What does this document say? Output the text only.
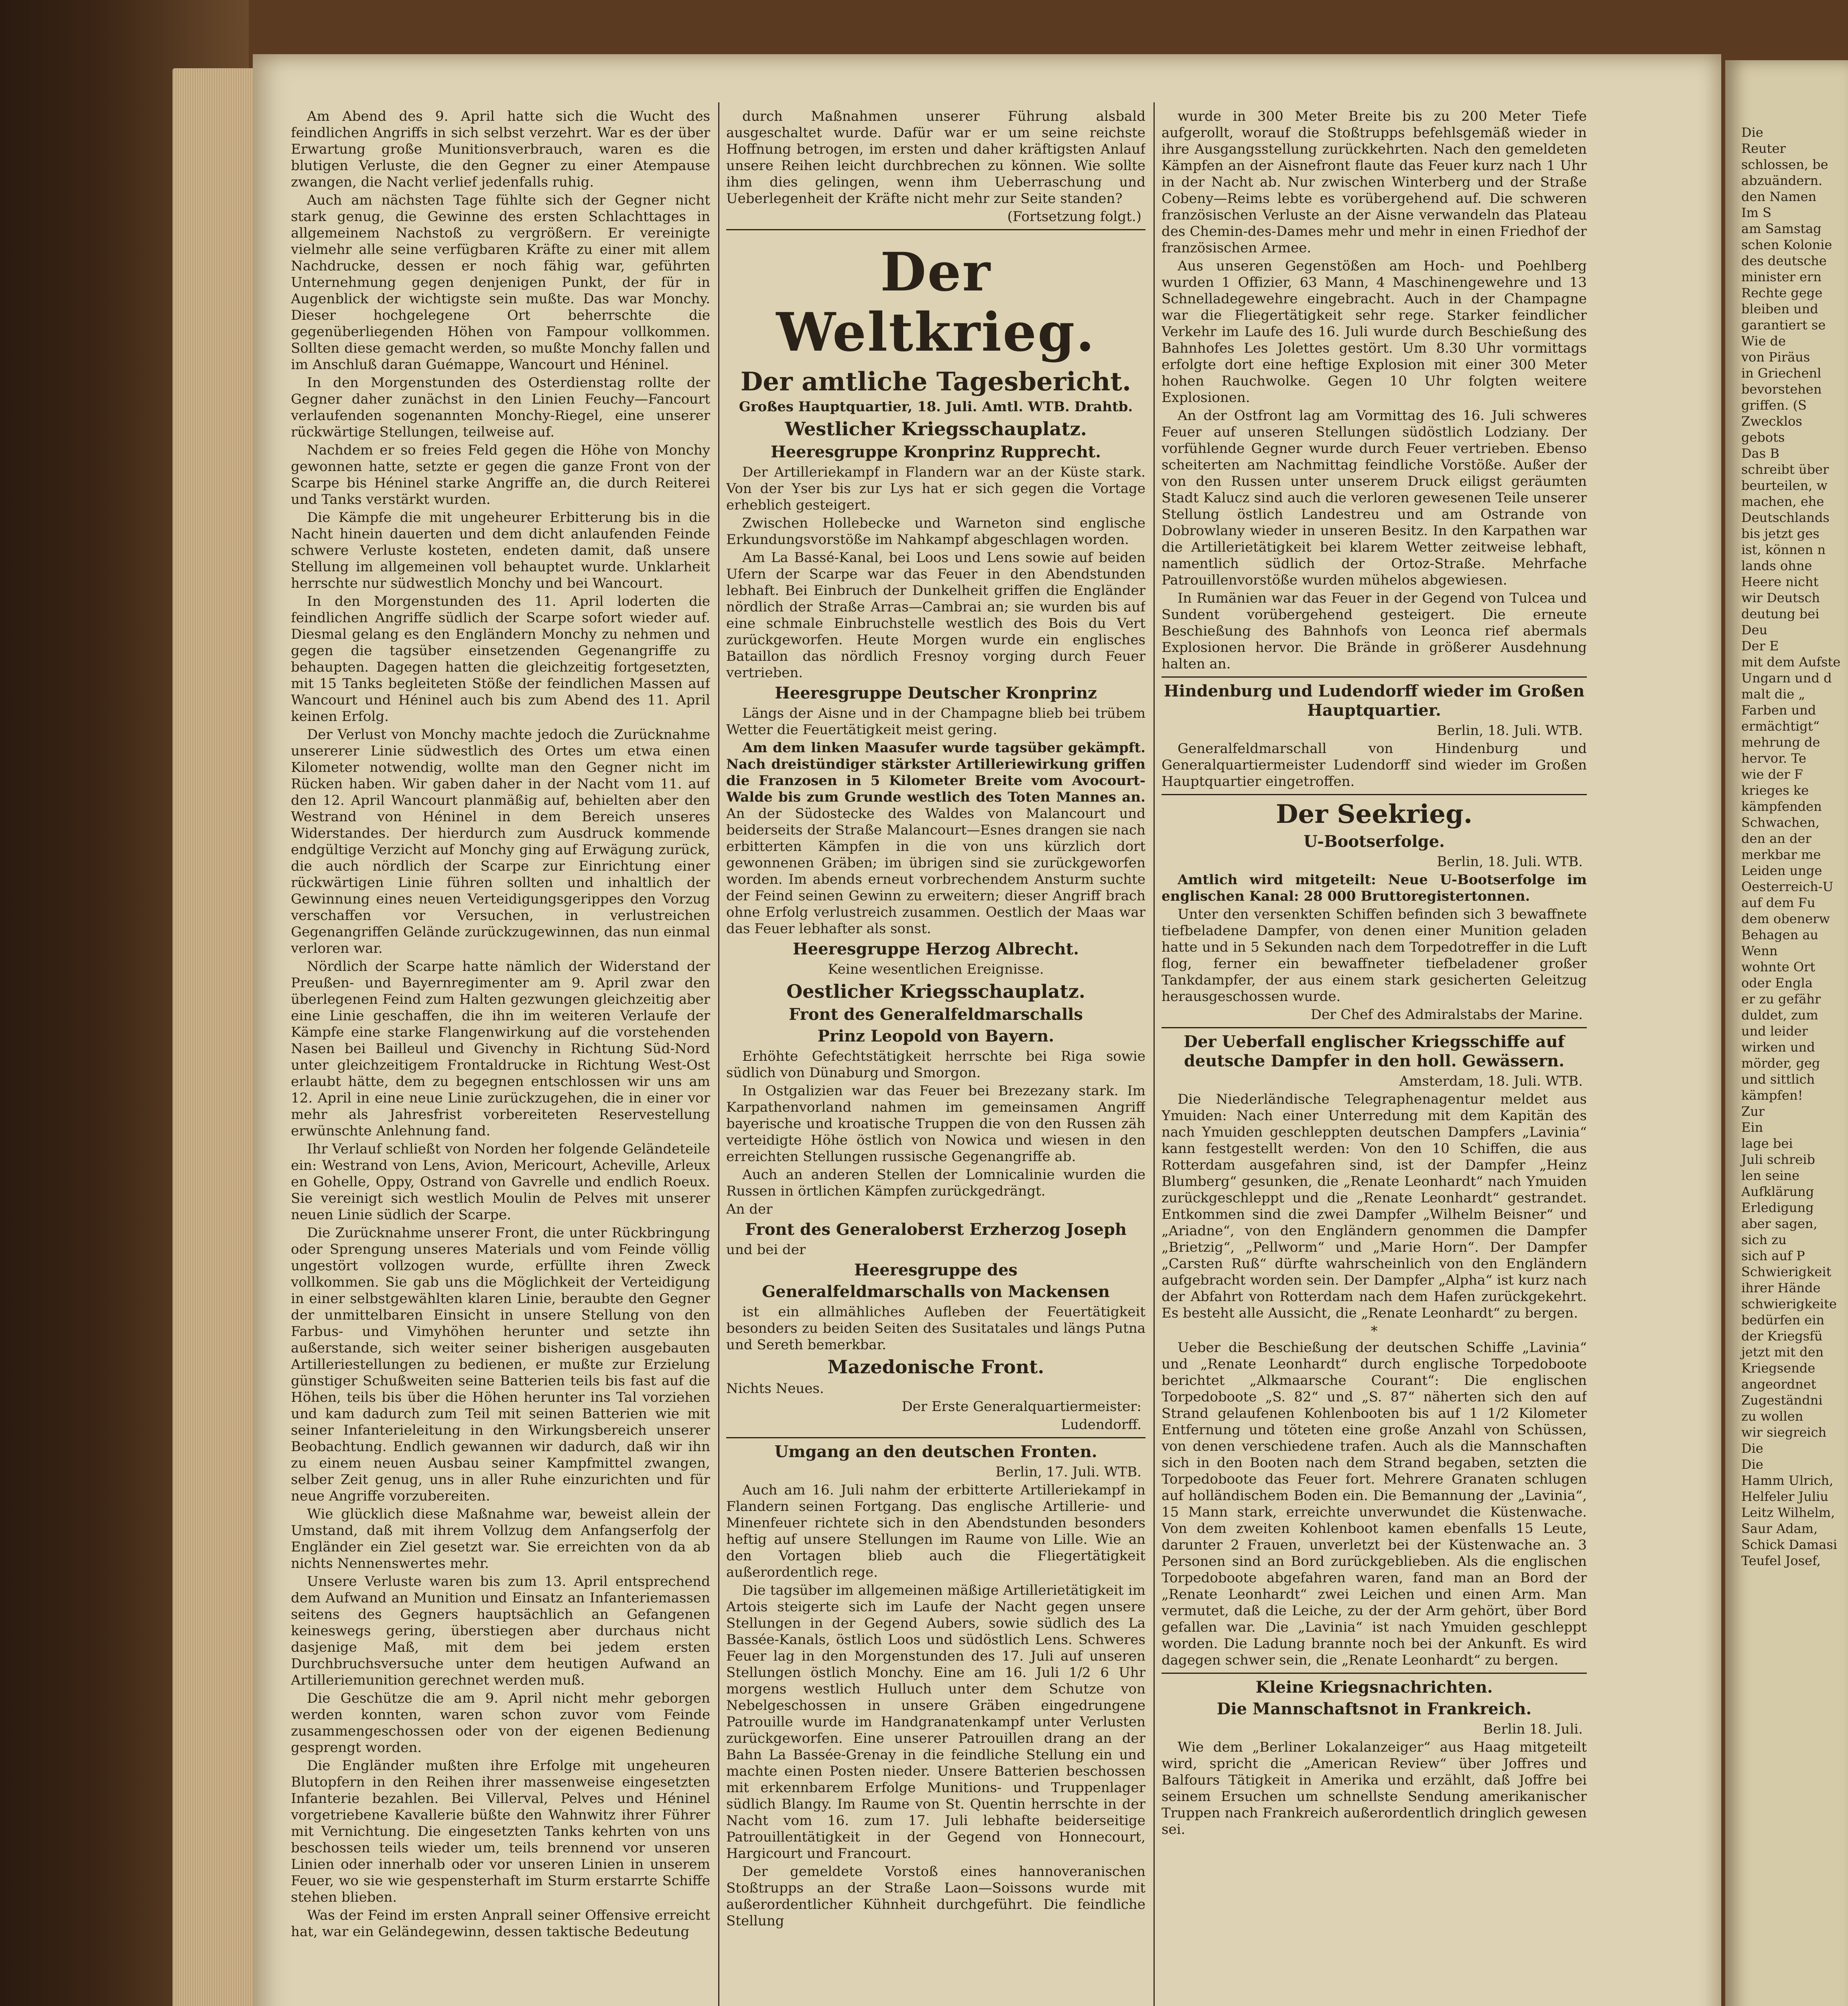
Am Abend des 9. April hatte sich die Wucht des feindlichen Angriffs in sich selbst verzehrt. War es der über Erwartung große Munitionsverbrauch, waren es die blutigen Verluste, die den Gegner zu einer Atempause zwangen, die Nacht verlief jedenfalls ruhig.

Auch am nächsten Tage fühlte sich der Gegner nicht stark genug, die Gewinne des ersten Schlachttages in allgemeinem Nachstoß zu vergrößern. Er vereinigte vielmehr alle seine verfügbaren Kräfte zu einer mit allem Nachdrucke, dessen er noch fähig war, geführten Unternehmung gegen denjenigen Punkt, der für in Augenblick der wichtigste sein mußte. Das war Monchy. Dieser hochgelegene Ort beherrschte die gegenüberliegenden Höhen von Fampour vollkommen. Sollten diese gemacht werden, so mußte Monchy fallen und im Anschluß daran Guémappe, Wancourt und Héninel.

In den Morgenstunden des Osterdienstag rollte der Gegner daher zunächst in den Linien Feuchy—Fancourt verlaufenden sogenannten Monchy-Riegel, eine unserer rückwärtige Stellungen, teilweise auf.

Nachdem er so freies Feld gegen die Höhe von Monchy gewonnen hatte, setzte er gegen die ganze Front von der Scarpe bis Héninel starke Angriffe an, die durch Reiterei und Tanks verstärkt wurden.

Die Kämpfe die mit ungeheurer Erbitterung bis in die Nacht hinein dauerten und dem dicht anlaufenden Feinde schwere Verluste kosteten, endeten damit, daß unsere Stellung im allgemeinen voll behauptet wurde. Unklarheit herrschte nur südwestlich Monchy und bei Wancourt.

In den Morgenstunden des 11. April loderten die feindlichen Angriffe südlich der Scarpe sofort wieder auf. Diesmal gelang es den Engländern Monchy zu nehmen und gegen die tagsüber einsetzenden Gegenangriffe zu behaupten. Dagegen hatten die gleichzeitig fortgesetzten, mit 15 Tanks begleiteten Stöße der feindlichen Massen auf Wancourt und Héninel auch bis zum Abend des 11. April keinen Erfolg.

Der Verlust von Monchy machte jedoch die Zurücknahme unsererer Linie südwestlich des Ortes um etwa einen Kilometer notwendig, wollte man den Gegner nicht im Rücken haben. Wir gaben daher in der Nacht vom 11. auf den 12. April Wancourt planmäßig auf, behielten aber den Westrand von Héninel in dem Bereich unseres Widerstandes. Der hierdurch zum Ausdruck kommende endgültige Verzicht auf Monchy ging auf Erwägung zurück, die auch nördlich der Scarpe zur Einrichtung einer rückwärtigen Linie führen sollten und inhaltlich der Gewinnung eines neuen Verteidigungsgerippes den Vorzug verschaffen vor Versuchen, in verlustreichen Gegenangriffen Gelände zurückzugewinnen, das nun einmal verloren war.

Nördlich der Scarpe hatte nämlich der Widerstand der Preußen- und Bayernregimenter am 9. April zwar den überlegenen Feind zum Halten gezwungen gleichzeitig aber eine Linie geschaffen, die ihn im weiteren Verlaufe der Kämpfe eine starke Flangenwirkung auf die vorstehenden Nasen bei Bailleul und Givenchy in Richtung Süd-Nord unter gleichzeitigem Frontaldrucke in Richtung West-Ost erlaubt hätte, dem zu begegnen entschlossen wir uns am 12. April in eine neue Linie zurückzugehen, die in einer vor mehr als Jahresfrist vorbereiteten Reservestellung erwünschte Anlehnung fand.

Ihr Verlauf schließt von Norden her folgende Geländeteile ein: Westrand von Lens, Avion, Mericourt, Acheville, Arleux en Gohelle, Oppy, Ostrand von Gavrelle und endlich Roeux. Sie vereinigt sich westlich Moulin de Pelves mit unserer neuen Linie südlich der Scarpe.

Die Zurücknahme unserer Front, die unter Rückbringung oder Sprengung unseres Materials und vom Feinde völlig ungestört vollzogen wurde, erfüllte ihren Zweck vollkommen. Sie gab uns die Möglichkeit der Verteidigung in einer selbstgewählten klaren Linie, beraubte den Gegner der unmittelbaren Einsicht in unsere Stellung von den Farbus- und Vimyhöhen herunter und setzte ihn außerstande, sich weiter seiner bisherigen ausgebauten Artilleriestellungen zu bedienen, er mußte zur Erzielung günstiger Schußweiten seine Batterien teils bis fast auf die Höhen, teils bis über die Höhen herunter ins Tal vorziehen und kam dadurch zum Teil mit seinen Batterien wie mit seiner Infanterieleitung in den Wirkungsbereich unserer Beobachtung. Endlich gewannen wir dadurch, daß wir ihn zu einem neuen Ausbau seiner Kampfmittel zwangen, selber Zeit genug, uns in aller Ruhe einzurichten und für neue Angriffe vorzubereiten.

Wie glücklich diese Maßnahme war, beweist allein der Umstand, daß mit ihrem Vollzug dem Anfangserfolg der Engländer ein Ziel gesetzt war. Sie erreichten von da ab nichts Nennenswertes mehr.

Unsere Verluste waren bis zum 13. April entsprechend dem Aufwand an Munition und Einsatz an Infanteriemassen seitens des Gegners hauptsächlich an Gefangenen keineswegs gering, überstiegen aber durchaus nicht dasjenige Maß, mit dem bei jedem ersten Durchbruchsversuche unter dem heutigen Aufwand an Artilleriemunition gerechnet werden muß.

Die Geschütze die am 9. April nicht mehr geborgen werden konnten, waren schon zuvor vom Feinde zusammengeschossen oder von der eigenen Bedienung gesprengt worden.

Die Engländer mußten ihre Erfolge mit ungeheuren Blutopfern in den Reihen ihrer massenweise eingesetzten Infanterie bezahlen. Bei Villerval, Pelves und Héninel vorgetriebene Kavallerie büßte den Wahnwitz ihrer Führer mit Vernichtung. Die eingesetzten Tanks kehrten von uns beschossen teils wieder um, teils brennend vor unseren Linien oder innerhalb oder vor unseren Linien in unserem Feuer, wo sie wie gespensterhaft im Sturm erstarrte Schiffe stehen blieben.

Was der Feind im ersten Anprall seiner Offensive erreicht hat, war ein Geländegewinn, dessen taktische Bedeutung

durch Maßnahmen unserer Führung alsbald ausgeschaltet wurde. Dafür war er um seine reichste Hoffnung betrogen, im ersten und daher kräftigsten Anlauf unsere Reihen leicht durchbrechen zu können. Wie sollte ihm dies gelingen, wenn ihm Ueberraschung und Ueberlegenheit der Kräfte nicht mehr zur Seite standen?

(Fortsetzung folgt.)
Der Weltkrieg.
Der amtliche Tagesbericht.
Großes Hauptquartier, 18. Juli. Amtl. WTB. Drahtb.
Westlicher Kriegsschauplatz.
Heeresgruppe Kronprinz Rupprecht.

Der Artilleriekampf in Flandern war an der Küste stark. Von der Yser bis zur Lys hat er sich gegen die Vortage erheblich gesteigert.

Zwischen Hollebecke und Warneton sind englische Erkundungsvorstöße im Nahkampf abgeschlagen worden.

Am La Bassé-Kanal, bei Loos und Lens sowie auf beiden Ufern der Scarpe war das Feuer in den Abendstunden lebhaft. Bei Einbruch der Dunkelheit griffen die Engländer nördlich der Straße Arras—Cambrai an; sie wurden bis auf eine schmale Einbruchstelle westlich des Bois du Vert zurückgeworfen. Heute Morgen wurde ein englisches Bataillon das nördlich Fresnoy vorging durch Feuer vertrieben.

Heeresgruppe Deutscher Kronprinz

Längs der Aisne und in der Champagne blieb bei trübem Wetter die Feuertätigkeit meist gering.

Am dem linken Maasufer wurde tagsüber gekämpft. Nach dreistündiger stärkster Artilleriewirkung griffen die Franzosen in 5 Kilometer Breite vom Avocourt-Walde bis zum Grunde westlich des Toten Mannes an. An der Südostecke des Waldes von Malancourt und beiderseits der Straße Malancourt—Esnes drangen sie nach erbitterten Kämpfen in die von uns kürzlich dort gewonnenen Gräben; im übrigen sind sie zurückgeworfen worden. Im abends erneut vorbrechendem Ansturm suchte der Feind seinen Gewinn zu erweitern; dieser Angriff brach ohne Erfolg verlustreich zusammen. Oestlich der Maas war das Feuer lebhafter als sonst.

Heeresgruppe Herzog Albrecht.
Keine wesentlichen Ereignisse.
Oestlicher Kriegsschauplatz.
Front des Generalfeldmarschalls
Prinz Leopold von Bayern.

Erhöhte Gefechtstätigkeit herrschte bei Riga sowie südlich von Dünaburg und Smorgon.

In Ostgalizien war das Feuer bei Brezezany stark. Im Karpathenvorland nahmen im gemeinsamen Angriff bayerische und kroatische Truppen die von den Russen zäh verteidigte Höhe östlich von Nowica und wiesen in den erreichten Stellungen russische Gegenangriffe ab.

Auch an anderen Stellen der Lomnicalinie wurden die Russen in örtlichen Kämpfen zurückgedrängt.

An der
Front des Generaloberst Erzherzog Joseph
und bei der
Heeresgruppe des
Generalfeldmarschalls von Mackensen

ist ein allmähliches Aufleben der Feuertätigkeit besonders zu beiden Seiten des Susitatales und längs Putna und Sereth bemerkbar.

Mazedonische Front.
Nichts Neues.
Der Erste Generalquartiermeister:
Ludendorff.
Umgang an den deutschen Fronten.
Berlin, 17. Juli. WTB.

Auch am 16. Juli nahm der erbitterte Artilleriekampf in Flandern seinen Fortgang. Das englische Artillerie- und Minenfeuer richtete sich in den Abendstunden besonders heftig auf unsere Stellungen im Raume von Lille. Wie an den Vortagen blieb auch die Fliegertätigkeit außerordentlich rege.

Die tagsüber im allgemeinen mäßige Artillerietätigkeit im Artois steigerte sich im Laufe der Nacht gegen unsere Stellungen in der Gegend Aubers, sowie südlich des La Bassée-Kanals, östlich Loos und südöstlich Lens. Schweres Feuer lag in den Morgenstunden des 17. Juli auf unseren Stellungen östlich Monchy. Eine am 16. Juli 1/2 6 Uhr morgens westlich Hulluch unter dem Schutze von Nebelgeschossen in unsere Gräben eingedrungene Patrouille wurde im Handgranatenkampf unter Verlusten zurückgeworfen. Eine unserer Patrouillen drang an der Bahn La Bassée-Grenay in die feindliche Stellung ein und machte einen Posten nieder. Unsere Batterien beschossen mit erkennbarem Erfolge Munitions- und Truppenlager südlich Blangy. Im Raume von St. Quentin herrschte in der Nacht vom 16. zum 17. Juli lebhafte beiderseitige Patrouillentätigkeit in der Gegend von Honnecourt, Hargicourt und Francourt.

Der gemeldete Vorstoß eines hannoveranischen Stoßtrupps an der Straße Laon—Soissons wurde mit außerordentlicher Kühnheit durchgeführt. Die feindliche Stellung

wurde in 300 Meter Breite bis zu 200 Meter Tiefe aufgerollt, worauf die Stoßtrupps befehlsgemäß wieder in ihre Ausgangsstellung zurückkehrten. Nach den gemeldeten Kämpfen an der Aisnefront flaute das Feuer kurz nach 1 Uhr in der Nacht ab. Nur zwischen Winterberg und der Straße Cobeny—Reims lebte es vorübergehend auf. Die schweren französischen Verluste an der Aisne verwandeln das Plateau des Chemin-des-Dames mehr und mehr in einen Friedhof der französischen Armee.

Aus unseren Gegenstößen am Hoch- und Poehlberg wurden 1 Offizier, 63 Mann, 4 Maschinengewehre und 13 Schnelladegewehre eingebracht. Auch in der Champagne war die Fliegertätigkeit sehr rege. Starker feindlicher Verkehr im Laufe des 16. Juli wurde durch Beschießung des Bahnhofes Les Jolettes gestört. Um 8.30 Uhr vormittags erfolgte dort eine heftige Explosion mit einer 300 Meter hohen Rauchwolke. Gegen 10 Uhr folgten weitere Explosionen.

An der Ostfront lag am Vormittag des 16. Juli schweres Feuer auf unseren Stellungen südöstlich Lodziany. Der vorfühlende Gegner wurde durch Feuer vertrieben. Ebenso scheiterten am Nachmittag feindliche Vorstöße. Außer der von den Russen unter unserem Druck eiligst geräumten Stadt Kalucz sind auch die verloren gewesenen Teile unserer Stellung östlich Landestreu und am Ostrande von Dobrowlany wieder in unseren Besitz. In den Karpathen war die Artillerietätigkeit bei klarem Wetter zeitweise lebhaft, namentlich südlich der Ortoz-Straße. Mehrfache Patrouillenvorstöße wurden mühelos abgewiesen.

In Rumänien war das Feuer in der Gegend von Tulcea und Sundent vorübergehend gesteigert. Die erneute Beschießung des Bahnhofs von Leonca rief abermals Explosionen hervor. Die Brände in größerer Ausdehnung halten an.

Hindenburg und Ludendorff wieder im Großen Hauptquartier.
Berlin, 18. Juli. WTB.

Generalfeldmarschall von Hindenburg und Generalquartiermeister Ludendorff sind wieder im Großen Hauptquartier eingetroffen.

Der Seekrieg.
U-Bootserfolge.
Berlin, 18. Juli. WTB.

Amtlich wird mitgeteilt: Neue U-Bootserfolge im englischen Kanal: 28 000 Bruttoregistertonnen.

Unter den versenkten Schiffen befinden sich 3 bewaffnete tiefbeladene Dampfer, von denen einer Munition geladen hatte und in 5 Sekunden nach dem Torpedotreffer in die Luft flog, ferner ein bewaffneter tiefbeladener großer Tankdampfer, der aus einem stark gesicherten Geleitzug herausgeschossen wurde.

Der Chef des Admiralstabs der Marine.
Der Ueberfall englischer Kriegsschiffe auf deutsche Dampfer in den holl. Gewässern.
Amsterdam, 18. Juli. WTB.

Die Niederländische Telegraphenagentur meldet aus Ymuiden: Nach einer Unterredung mit dem Kapitän des nach Ymuiden geschleppten deutschen Dampfers „Lavinia“ kann festgestellt werden: Von den 10 Schiffen, die aus Rotterdam ausgefahren sind, ist der Dampfer „Heinz Blumberg“ gesunken, die „Renate Leonhardt“ nach Ymuiden zurückgeschleppt und die „Renate Leonhardt“ gestrandet. Entkommen sind die zwei Dampfer „Wilhelm Beisner“ und „Ariadne“, von den Engländern genommen die Dampfer „Brietzig“, „Pellworm“ und „Marie Horn“. Der Dampfer „Carsten Ruß“ dürfte wahrscheinlich von den Engländern aufgebracht worden sein. Der Dampfer „Alpha“ ist kurz nach der Abfahrt von Rotterdam nach dem Hafen zurückgekehrt. Es besteht alle Aussicht, die „Renate Leonhardt“ zu bergen.

*

Ueber die Beschießung der deutschen Schiffe „Lavinia“ und „Renate Leonhardt“ durch englische Torpedoboote berichtet „Alkmaarsche Courant“: Die englischen Torpedoboote „S. 82“ und „S. 87“ näherten sich den auf Strand gelaufenen Kohlenbooten bis auf 1 1/2 Kilometer Entfernung und töteten eine große Anzahl von Schüssen, von denen verschiedene trafen. Auch als die Mannschaften sich in den Booten nach dem Strand begaben, setzten die Torpedoboote das Feuer fort. Mehrere Granaten schlugen auf holländischem Boden ein. Die Bemannung der „Lavinia“, 15 Mann stark, erreichte unverwundet die Küstenwache. Von dem zweiten Kohlenboot kamen ebenfalls 15 Leute, darunter 2 Frauen, unverletzt bei der Küstenwache an. 3 Personen sind an Bord zurückgeblieben. Als die englischen Torpedoboote abgefahren waren, fand man an Bord der „Renate Leonhardt“ zwei Leichen und einen Arm. Man vermutet, daß die Leiche, zu der der Arm gehört, über Bord gefallen war. Die „Lavinia“ ist nach Ymuiden geschleppt worden. Die Ladung brannte noch bei der Ankunft. Es wird dagegen schwer sein, die „Renate Leonhardt“ zu bergen.

Kleine Kriegsnachrichten.
Die Mannschaftsnot in Frankreich.
Berlin 18. Juli.

Wie dem „Berliner Lokalanzeiger“ aus Haag mitgeteilt wird, spricht die „American Review“ über Joffres und Balfours Tätigkeit in Amerika und erzählt, daß Joffre bei seinem Ersuchen um schnellste Sendung amerikanischer Truppen nach Frankreich außerordentlich dringlich gewesen sei.

Die
Reuter
schlossen, be
abzuändern.
den Namen
Im S
am Samstag
schen Kolonie
des deutsche
minister ern
Rechte gege
bleiben und
garantiert se
Wie de
von Piräus
in Griechenl
bevorstehen
griffen. (S
Zwecklos
gebots
Das B
schreibt über
beurteilen, w
machen, ehe
Deutschlands
bis jetzt ges
ist, können n
lands ohne
Heere nicht
wir Deutsch
deutung bei
Deu
Der E
mit dem Aufste
Ungarn und d
malt die „
Farben und
ermächtigt“
mehrung de
hervor. Te
wie der F
krieges ke
kämpfenden
Schwachen,
den an der
merkbar me
Leiden unge
Oesterreich-U
auf dem Fu
dem obenerw
Behagen au
Wenn
wohnte Ort
oder Engla
er zu gefähr
duldet, zum
und leider
wirken und
mörder, geg
und sittlich
kämpfen!
Zur
Ein
lage bei
Juli schreib
len seine
Aufklärung
Erledigung
aber sagen,
sich zu
sich auf P
Schwierigkeit
ihrer Hände
schwierigkeite
bedürfen ein
der Kriegsfü
jetzt mit den
Kriegsende
angeordnet
Zugeständni
zu wollen
wir siegreich
Die
Die
Hamm Ulrich,
Helfeler Juliu
Leitz Wilhelm,
Saur Adam,
Schick Damasi
Teufel Josef,
